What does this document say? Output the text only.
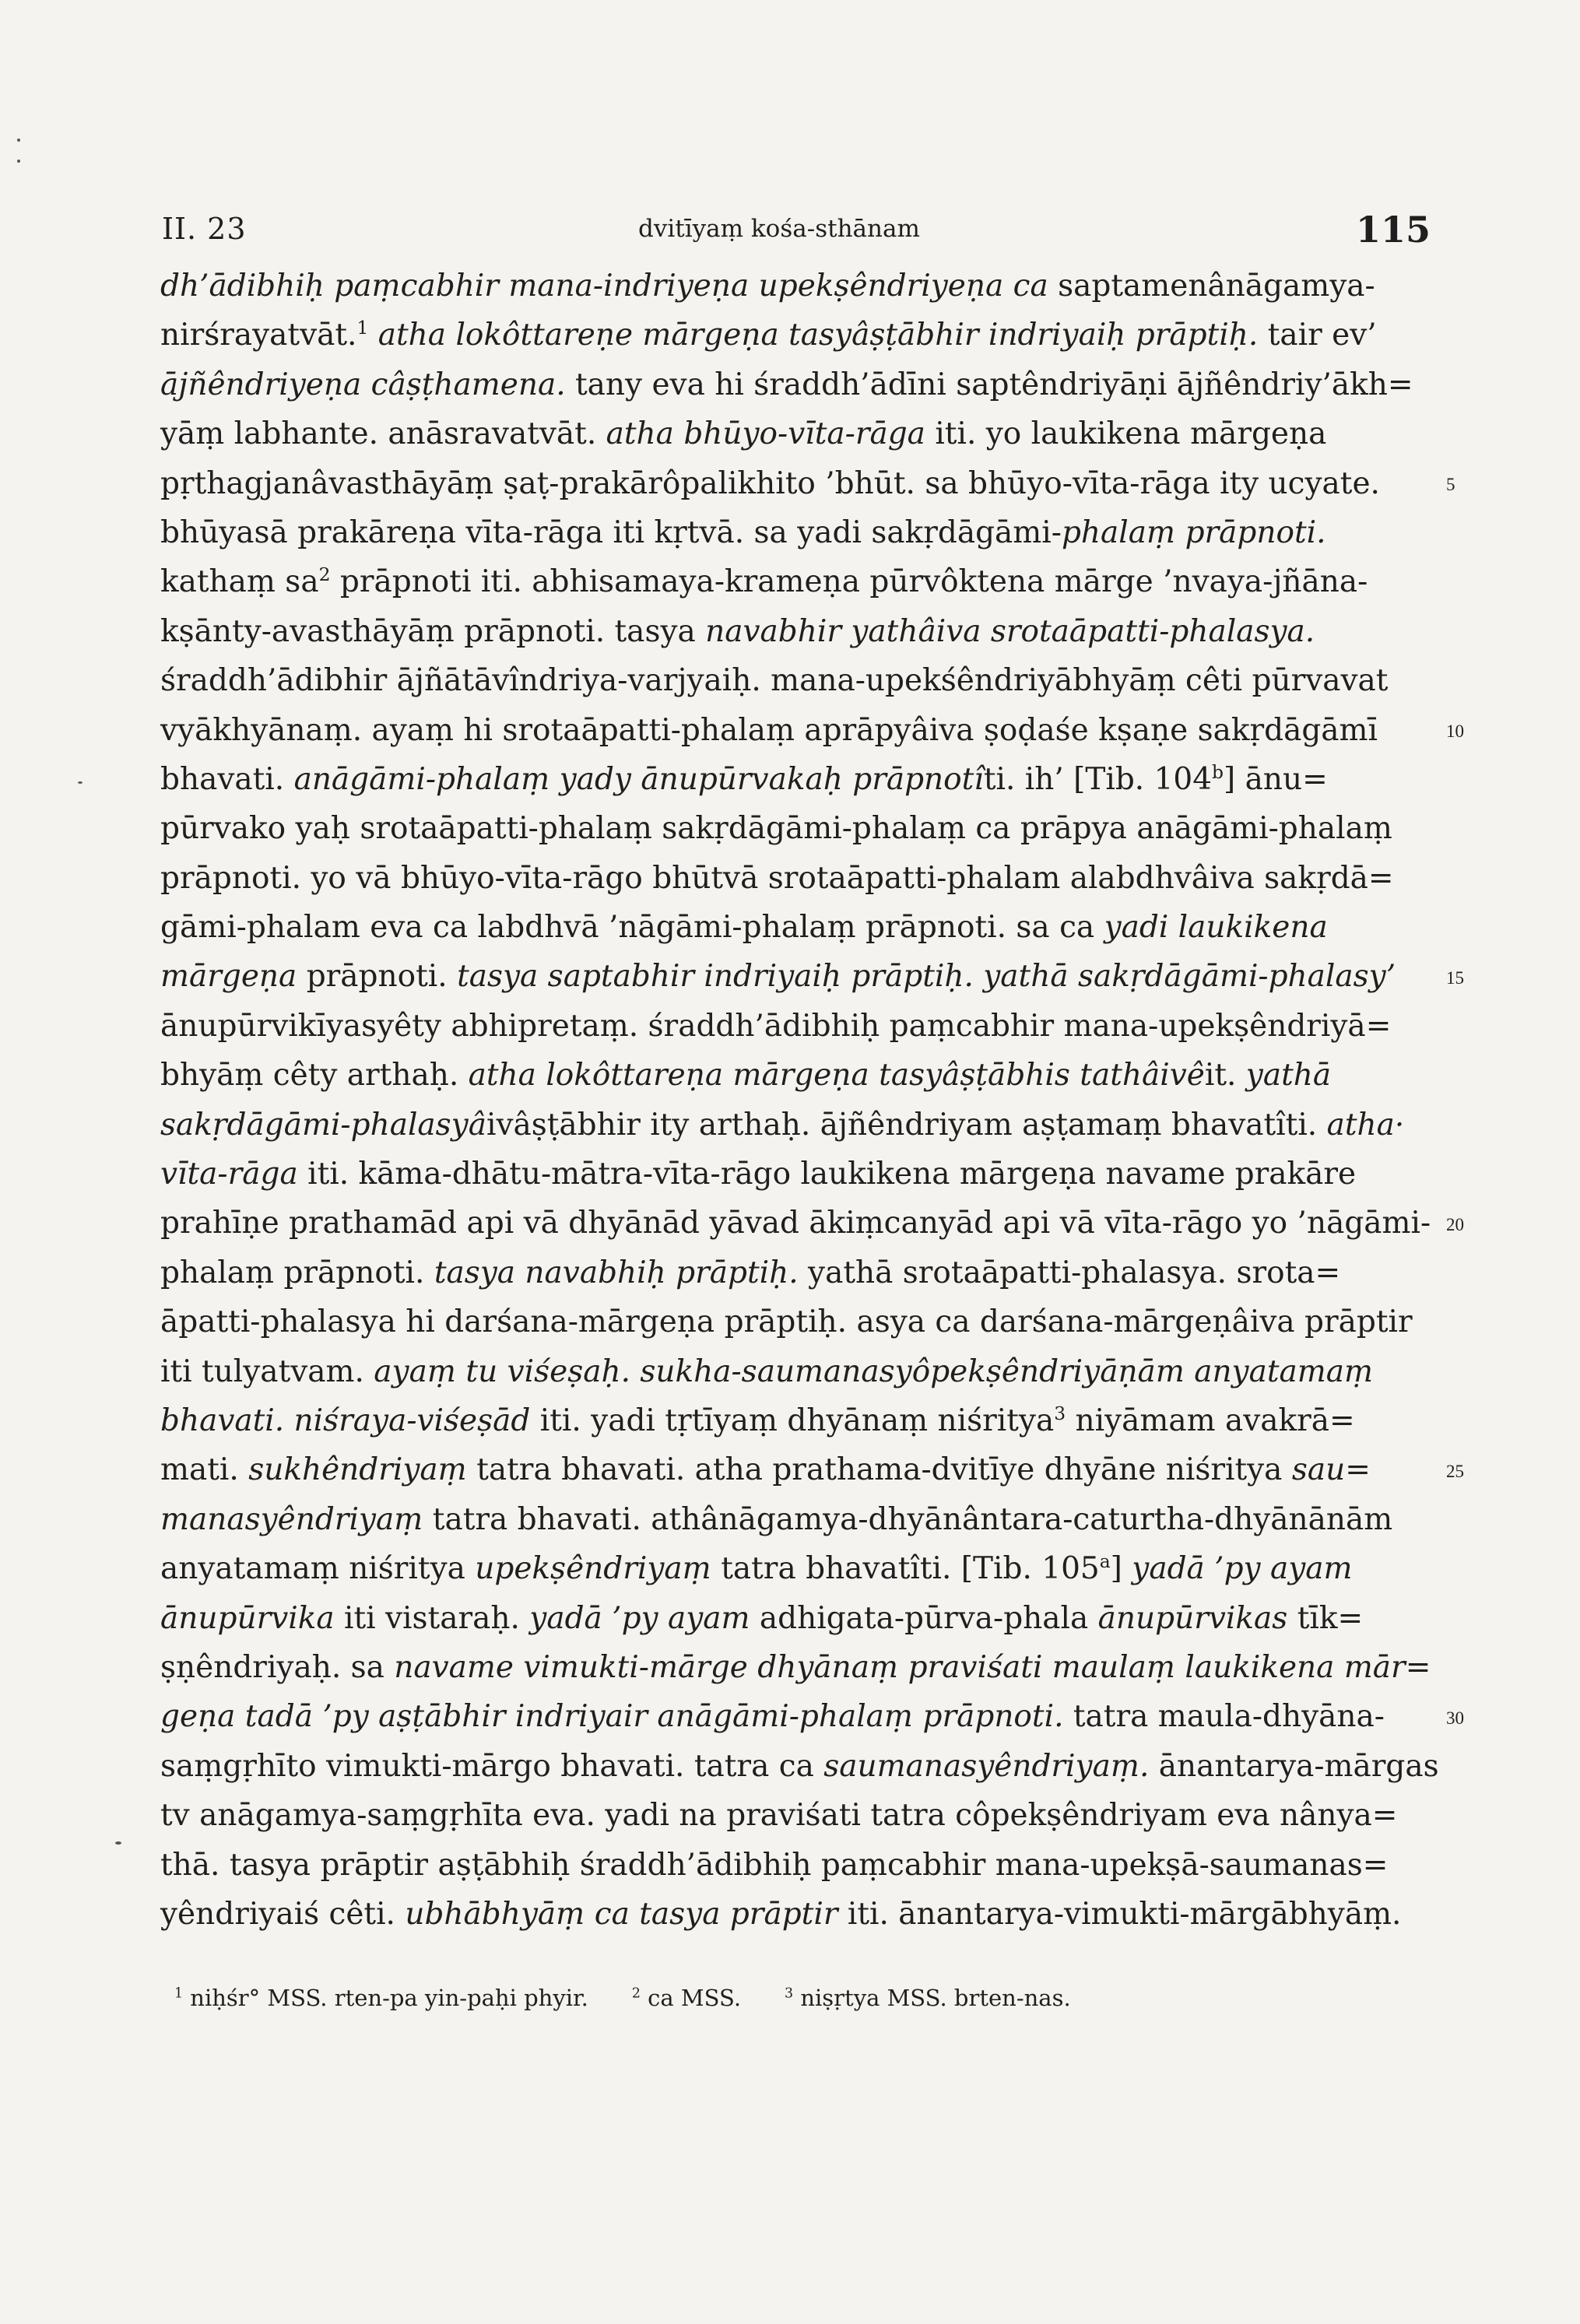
II. 23	dvitīyaṃ kośa-sthānam	115
dh’ādibhiḥ paṃcabhir mana-indriyeṇa upekṣêndriyeṇa ca saptamenânāgamya-
nirśrayatvāt.$^1$ atha lokôttareṇe mārgeṇa tasyâṣṭābhir indriyaiḥ prāptiḥ. tair ev’
ājñêndriyeṇa câṣṭhamena. tany eva hi śraddh’ādīni saptêndriyāṇi ājñêndriy’ākh=
yāṃ labhante. anāsravatvāt. atha bhūyo-vīta-rāga iti. yo laukikena mārgeṇa
pṛthagjanâvasthāyāṃ ṣaṭ-prakārôpalikhito ’bhūt. sa bhūyo-vīta-rāga ity ucyate.
bhūyasā prakāreṇa vīta-rāga iti kṛtvā. sa yadi sakṛdāgāmi-phalaṃ prāpnoti.
kathaṃ $sa^2$ prāpnoti iti. abhisamaya-krameṇa pūrvôktena mārge ’nvaya-jñāna-
kṣānty-avasthāyāṃ prāpnoti. tasya navabhir yathâiva srotaāpatti-phalasya.
śraddh’ādibhir ājñātāvîndriya-varjyaiḥ. mana-upekśêndriyābhyāṃ cêti pūrvavat
vyākhyānaṃ. ayaṃ hi srotaāpatti-phalaṃ aprāpyâiva ṣoḍaśe kṣaṇe sakṛdāgāmī
bhavati. anāgāmi-phalaṃ yady ānupūrvakaḥ prāpnotîti. ih’ [Tib. 104$^b$] ānu=
pūrvako yaḥ srotaāpatti-phalaṃ sakṛdāgāmi-phalaṃ ca prāpya anāgāmi-phalaṃ
prāpnoti. yo vā bhūyo-vīta-rāgo bhūtvā srotaāpatti-phalam alabdhvâiva sakṛdā=
gāmi-phalam eva ca labdhvā ’nāgāmi-phalaṃ prāpnoti. sa ca yadi laukikena
mārgeṇa prāpnoti. tasya saptabhir indriyaiḥ prāptiḥ. yathā sakṛdāgāmi-phalasy’
ānupūrvikīyasyêty abhipretaṃ. śraddh’ādibhiḥ paṃcabhir mana-upekṣêndriyā=
bhyāṃ cêty arthaḥ. atha lokôttareṇa mārgeṇa tasyâṣṭābhis tathâivêit. yathā
sakṛdāgāmi-phalasyâivâṣṭābhir ity arthaḥ. ājñêndriyam aṣṭamaṃ bhavatîti. atha·
vīta-rāga iti. kāma-dhātu-mātra-vīta-rāgo laukikena mārgeṇa navame prakāre
prahīṇe prathamād api vā dhyānād yāvad ākiṃcanyād api vā vīta-rāgo yo ’nāgāmi-
phalaṃ prāpnoti. tasya navabhiḥ prāptiḥ. yathā srotaāpatti-phalasya. srota=
āpatti-phalasya hi darśana-mārgeṇa prāptiḥ. asya ca darśana-mārgeṇâiva prāptir
iti tulyatvam. ayaṃ tu viśeṣaḥ. sukha-saumanasyôpekṣêndriyāṇām anyatamaṃ
bhavati. niśraya-viśeṣād iti. yadi tṛtīyaṃ dhyānaṃ niśritya$^3$ niyāmam avakrā=
mati. sukhêndriyaṃ tatra bhavati. atha prathama-dvitīye dhyāne niśritya sau=
manasyêndriyaṃ tatra bhavati. athânāgamya-dhyānântara-caturtha-dhyānānām
anyatamaṃ niśritya upekṣêndriyaṃ tatra bhavatîti. [Tib. 105$^a$] yadā ’py ayam
ānupūrvika iti vistaraḥ. yadā ’py ayam adhigata-pūrva-phala ānupūrvikas tīk=
ṣṇêndriyaḥ. sa navame vimukti-mārge dhyānaṃ praviśati maulaṃ laukikena mār=
geṇa tadā ’py aṣṭābhir indriyair anāgāmi-phalaṃ prāpnoti. tatra maula-dhyāna-
saṃgṛhīto vimukti-mārgo bhavati. tatra ca saumanasyêndriyaṃ. ānantarya-mārgas
tv anāgamya-saṃgṛhīta eva. yadi na praviśati tatra côpekṣêndriyam eva nânya=
thā. tasya prāptir aṣṭābhiḥ śraddh’ādibhiḥ paṃcabhir mana-upekṣā-saumanas=
yêndriyaiś cêti. ubhābhyāṃ ca tasya prāptir iti. ānantarya-vimukti-mārgābhyāṃ.
$^1$ niḥśr° MSS. rten-pa yin-paḥi phyir.	$^2$ ca MSS.	$^3$ niṣṛtya MSS. brten-nas.
5
10
15
20
25
30
